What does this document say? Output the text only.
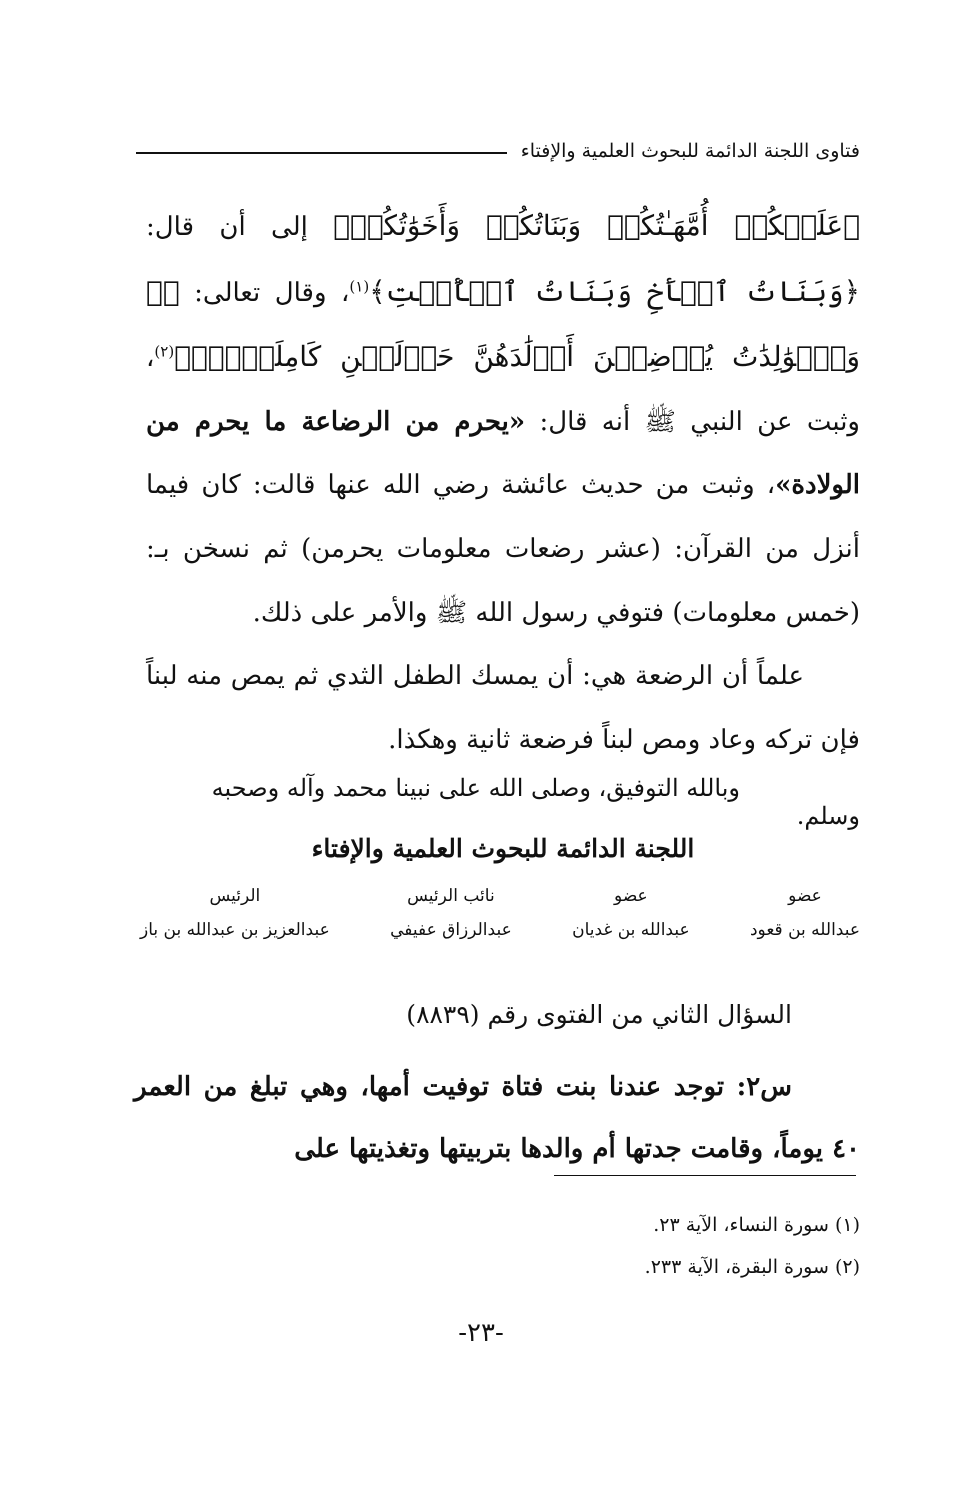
فتاوى اللجنة الدائمة للبحوث العلمية والإفتاء

﴿عَلَيۡكُمۡ أُمَّهَـٰتُكُمۡ وَبَنَاتُكُمۡ وَأَخَوَٰتُكُمۡ﴾ إلى أن قال: ﴿وَبَنَاتُ ٱلۡأَخِ وَبَنَاتُ ٱلۡأُخۡتِ﴾$^{(١)}$، وقال تعالى: ﴿۞ وَٱلۡوَٰلِدَٰتُ يُرۡضِعۡنَ أَوۡلَٰدَهُنَّ حَوۡلَيۡنِ كَامِلَيۡنِۖ﴾$^{(٢)}$، وثبت عن النبي ﷺ أنه قال: «يحرم من الرضاعة ما يحرم من الولادة»، وثبت من حديث عائشة رضي الله عنها قالت: كان فيما أنزل من القرآن: (عشر رضعات معلومات يحرمن) ثم نسخن بـ: (خمس معلومات) فتوفي رسول الله ﷺ والأمر على ذلك.

علماً أن الرضعة هي: أن يمسك الطفل الثدي ثم يمص منه لبناً فإن تركه وعاد ومص لبناً فرضعة ثانية وهكذا.

وبالله التوفيق، وصلى الله على نبينا محمد وآله وصحبه وسلم.
اللجنة الدائمة للبحوث العلمية والإفتاء
عضو
عبدالله بن قعود
عضو
عبدالله بن غديان
نائب الرئيس
عبدالرزاق عفيفي
الرئيس
عبدالعزيز بن عبدالله بن باز
السؤال الثاني من الفتوى رقم (٨٨٣٩)
س٢: توجد عندنا بنت فتاة توفيت أمها، وهي تبلغ من العمر ٤٠ يوماً، وقامت جدتها أم والدها بتربيتها وتغذيتها على

(١) سورة النساء، الآية ٢٣.

(٢) سورة البقرة، الآية ٢٣٣.

-٢٣-
